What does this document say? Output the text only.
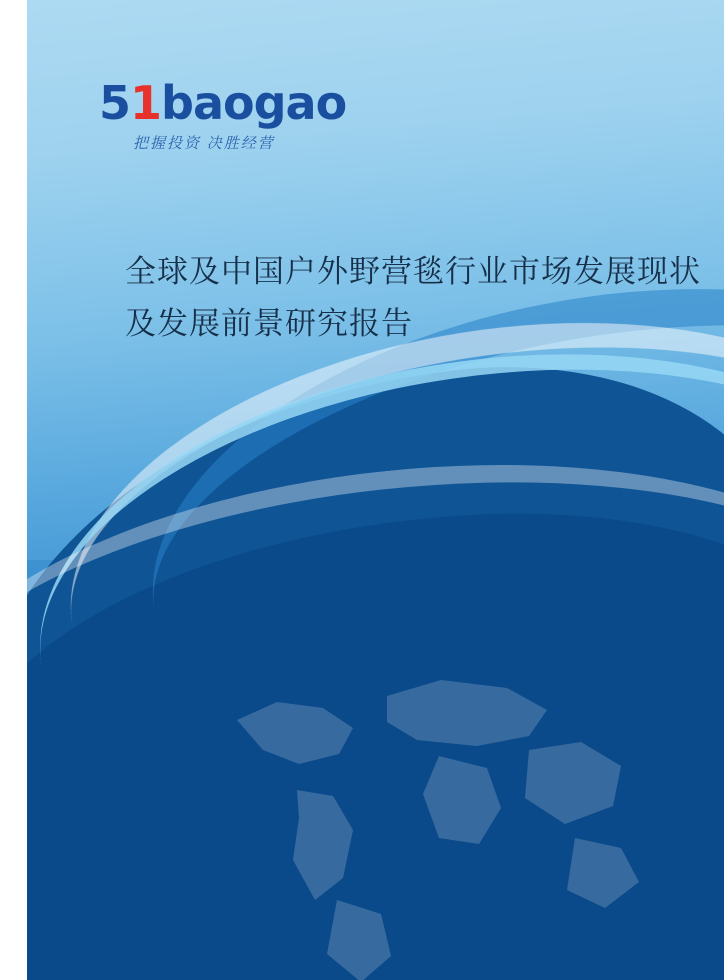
51baogao
把握投资 决胜经营
全球及中国户外野营毯行业市场发展现状及发展前景研究报告
